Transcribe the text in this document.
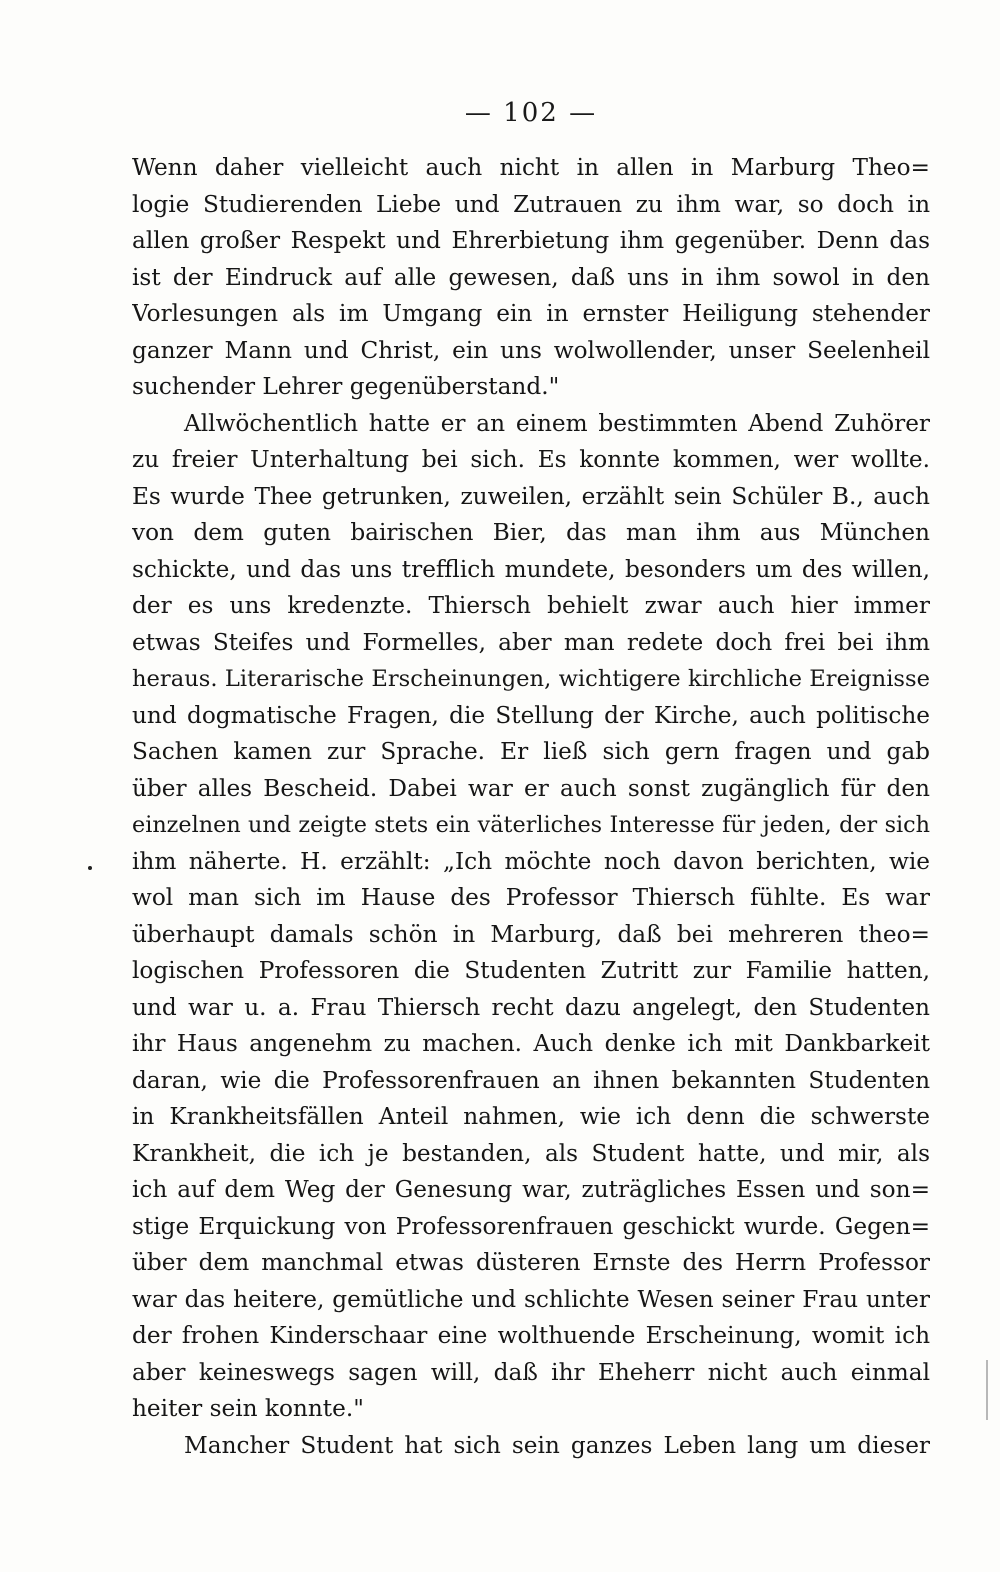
— 102 —
Wenn daher vielleicht auch nicht in allen in Marburg Theo=
logie Studierenden Liebe und Zutrauen zu ihm war, so doch in
allen großer Respekt und Ehrerbietung ihm gegenüber. Denn das
ist der Eindruck auf alle gewesen, daß uns in ihm sowol in den
Vorlesungen als im Umgang ein in ernster Heiligung stehender
ganzer Mann und Christ, ein uns wolwollender, unser Seelenheil
suchender Lehrer gegenüberstand."
Allwöchentlich hatte er an einem bestimmten Abend Zuhörer
zu freier Unterhaltung bei sich. Es konnte kommen, wer wollte.
Es wurde Thee getrunken, zuweilen, erzählt sein Schüler B., auch
von dem guten bairischen Bier, das man ihm aus München
schickte, und das uns trefflich mundete, besonders um des willen,
der es uns kredenzte. Thiersch behielt zwar auch hier immer
etwas Steifes und Formelles, aber man redete doch frei bei ihm
heraus. Literarische Erscheinungen, wichtigere kirchliche Ereignisse
und dogmatische Fragen, die Stellung der Kirche, auch politische
Sachen kamen zur Sprache. Er ließ sich gern fragen und gab
über alles Bescheid. Dabei war er auch sonst zugänglich für den
einzelnen und zeigte stets ein väterliches Interesse für jeden, der sich
ihm näherte. H. erzählt: „Ich möchte noch davon berichten, wie
wol man sich im Hause des Professor Thiersch fühlte. Es war
überhaupt damals schön in Marburg, daß bei mehreren theo=
logischen Professoren die Studenten Zutritt zur Familie hatten,
und war u. a. Frau Thiersch recht dazu angelegt, den Studenten
ihr Haus angenehm zu machen. Auch denke ich mit Dankbarkeit
daran, wie die Professorenfrauen an ihnen bekannten Studenten
in Krankheitsfällen Anteil nahmen, wie ich denn die schwerste
Krankheit, die ich je bestanden, als Student hatte, und mir, als
ich auf dem Weg der Genesung war, zuträgliches Essen und son=
stige Erquickung von Professorenfrauen geschickt wurde. Gegen=
über dem manchmal etwas düsteren Ernste des Herrn Professor
war das heitere, gemütliche und schlichte Wesen seiner Frau unter
der frohen Kinderschaar eine wolthuende Erscheinung, womit ich
aber keineswegs sagen will, daß ihr Eheherr nicht auch einmal
heiter sein konnte."
Mancher Student hat sich sein ganzes Leben lang um dieser
